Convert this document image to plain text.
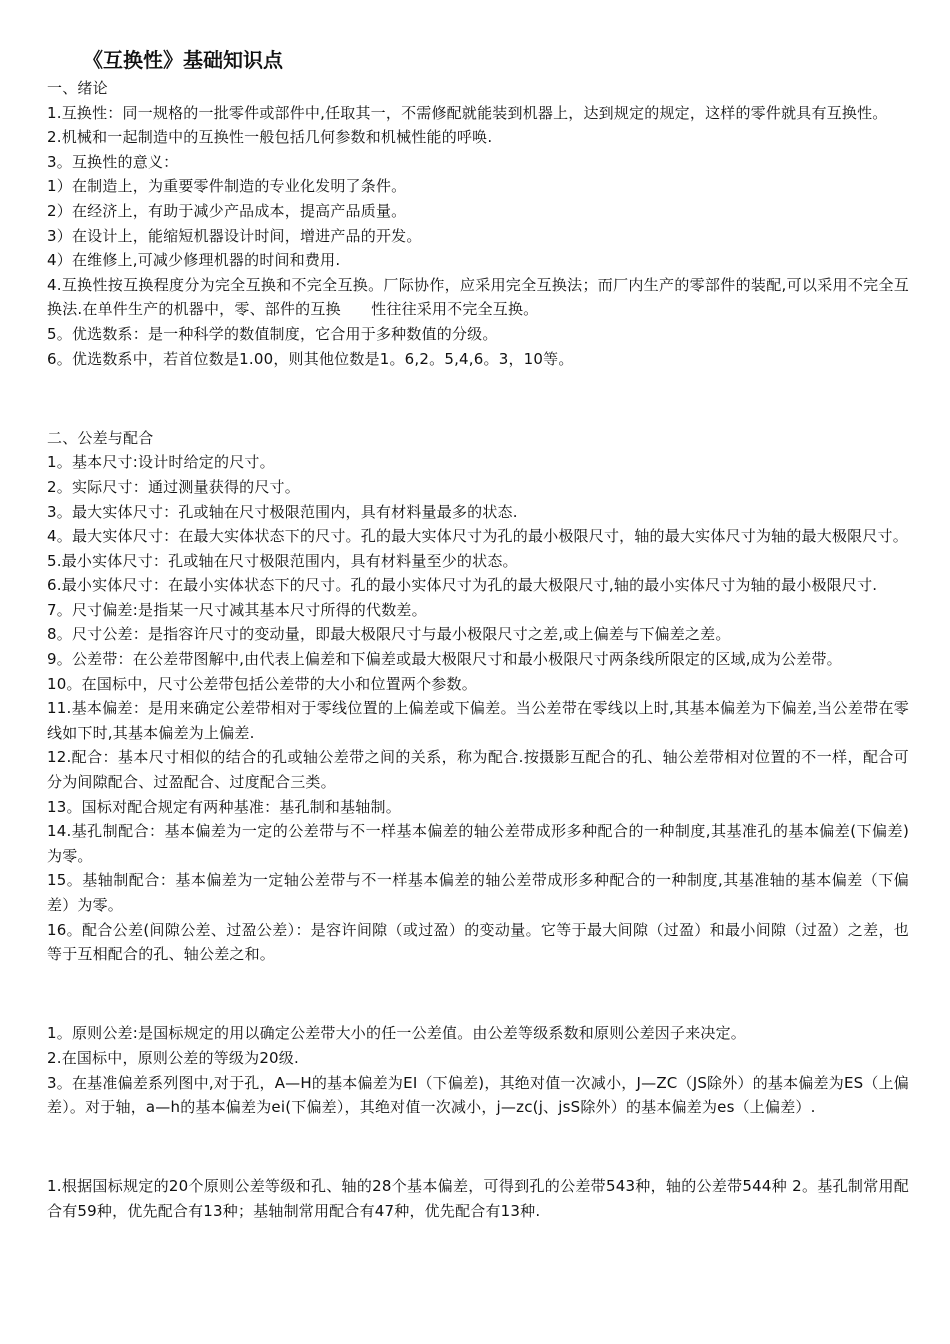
《互换性》基础知识点

一、绪论

1.互换性：同一规格的一批零件或部件中,任取其一，不需修配就能装到机器上，达到规定的规定，这样的零件就具有互换性。

2.机械和一起制造中的互换性一般包括几何参数和机械性能的呼唤.

3。互换性的意义：

1）在制造上，为重要零件制造的专业化发明了条件。

2）在经济上，有助于减少产品成本，提高产品质量。

3）在设计上，能缩短机器设计时间，增进产品的开发。

4）在维修上,可减少修理机器的时间和费用.

4.互换性按互换程度分为完全互换和不完全互换。厂际协作，应采用完全互换法；而厂内生产的零部件的装配,可以采用不完全互换法.在单件生产的机器中，零、部件的互换　　性往往采用不完全互换。

5。优选数系：是一种科学的数值制度，它合用于多种数值的分级。

6。优选数系中，若首位数是1.00，则其他位数是1。6,2。5,4,6。3，10等。

二、公差与配合

1。基本尺寸:设计时给定的尺寸。

2。实际尺寸：通过测量获得的尺寸。

3。最大实体尺寸：孔或轴在尺寸极限范围内，具有材料量最多的状态.

4。最大实体尺寸：在最大实体状态下的尺寸。孔的最大实体尺寸为孔的最小极限尺寸，轴的最大实体尺寸为轴的最大极限尺寸。

5.最小实体尺寸：孔或轴在尺寸极限范围内，具有材料量至少的状态。

6.最小实体尺寸：在最小实体状态下的尺寸。孔的最小实体尺寸为孔的最大极限尺寸,轴的最小实体尺寸为轴的最小极限尺寸.

7。尺寸偏差:是指某一尺寸减其基本尺寸所得的代数差。

8。尺寸公差：是指容许尺寸的变动量，即最大极限尺寸与最小极限尺寸之差,或上偏差与下偏差之差。

9。公差带：在公差带图解中,由代表上偏差和下偏差或最大极限尺寸和最小极限尺寸两条线所限定的区域,成为公差带。

10。在国标中，尺寸公差带包括公差带的大小和位置两个参数。

11.基本偏差：是用来确定公差带相对于零线位置的上偏差或下偏差。当公差带在零线以上时,其基本偏差为下偏差,当公差带在零线如下时,其基本偏差为上偏差.

12.配合：基本尺寸相似的结合的孔或轴公差带之间的关系，称为配合.按摄影互配合的孔、轴公差带相对位置的不一样，配合可分为间隙配合、过盈配合、过度配合三类。

13。国标对配合规定有两种基准：基孔制和基轴制。

14.基孔制配合：基本偏差为一定的公差带与不一样基本偏差的轴公差带成形多种配合的一种制度,其基准孔的基本偏差(下偏差)为零。

15。基轴制配合：基本偏差为一定轴公差带与不一样基本偏差的轴公差带成形多种配合的一种制度,其基准轴的基本偏差（下偏差）为零。

16。配合公差(间隙公差、过盈公差）：是容许间隙（或过盈）的变动量。它等于最大间隙（过盈）和最小间隙（过盈）之差，也等于互相配合的孔、轴公差之和。

1。原则公差:是国标规定的用以确定公差带大小的任一公差值。由公差等级系数和原则公差因子来决定。

2.在国标中，原则公差的等级为20级.

3。在基准偏差系列图中,对于孔，A—H的基本偏差为EI（下偏差)，其绝对值一次减小，J—ZC（JS除外）的基本偏差为ES（上偏差）。对于轴，a—h的基本偏差为ei(下偏差），其绝对值一次减小，j—zc(j、jsS除外）的基本偏差为es（上偏差）.

1.根据国标规定的20个原则公差等级和孔、轴的28个基本偏差，可得到孔的公差带543种，轴的公差带544种 2。基孔制常用配合有59种，优先配合有13种；基轴制常用配合有47种，优先配合有13种.
